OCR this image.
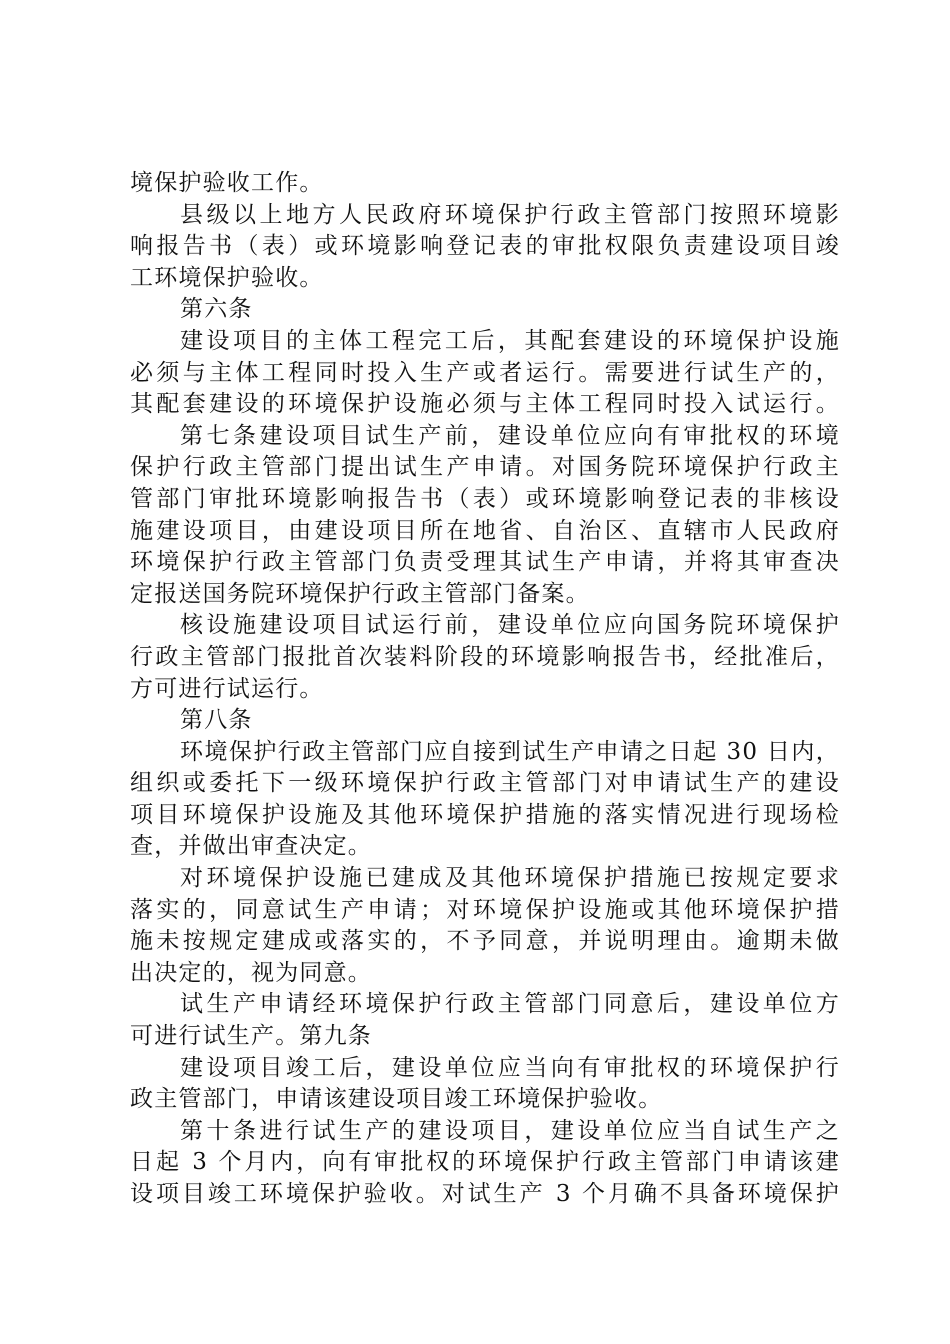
境保护验收工作。
县级以上地方人民政府环境保护行政主管部门按照环境影
响报告书（表）或环境影响登记表的审批权限负责建设项目竣
工环境保护验收。
第六条
建设项目的主体工程完工后，其配套建设的环境保护设施
必须与主体工程同时投入生产或者运行。需要进行试生产的，
其配套建设的环境保护设施必须与主体工程同时投入试运行。
第七条建设项目试生产前，建设单位应向有审批权的环境
保护行政主管部门提出试生产申请。对国务院环境保护行政主
管部门审批环境影响报告书（表）或环境影响登记表的非核设
施建设项目，由建设项目所在地省、自治区、直辖市人民政府
环境保护行政主管部门负责受理其试生产申请，并将其审查决
定报送国务院环境保护行政主管部门备案。
核设施建设项目试运行前，建设单位应向国务院环境保护
行政主管部门报批首次装料阶段的环境影响报告书，经批准后，
方可进行试运行。
第八条
环境保护行政主管部门应自接到试生产申请之日起 30 日内，
组织或委托下一级环境保护行政主管部门对申请试生产的建设
项目环境保护设施及其他环境保护措施的落实情况进行现场检
查，并做出审查决定。
对环境保护设施已建成及其他环境保护措施已按规定要求
落实的，同意试生产申请；对环境保护设施或其他环境保护措
施未按规定建成或落实的，不予同意，并说明理由。逾期未做
出决定的，视为同意。
试生产申请经环境保护行政主管部门同意后，建设单位方
可进行试生产。第九条
建设项目竣工后，建设单位应当向有审批权的环境保护行
政主管部门，申请该建设项目竣工环境保护验收。
第十条进行试生产的建设项目，建设单位应当自试生产之
日起 3 个月内，向有审批权的环境保护行政主管部门申请该建
设项目竣工环境保护验收。对试生产 3 个月确不具备环境保护
